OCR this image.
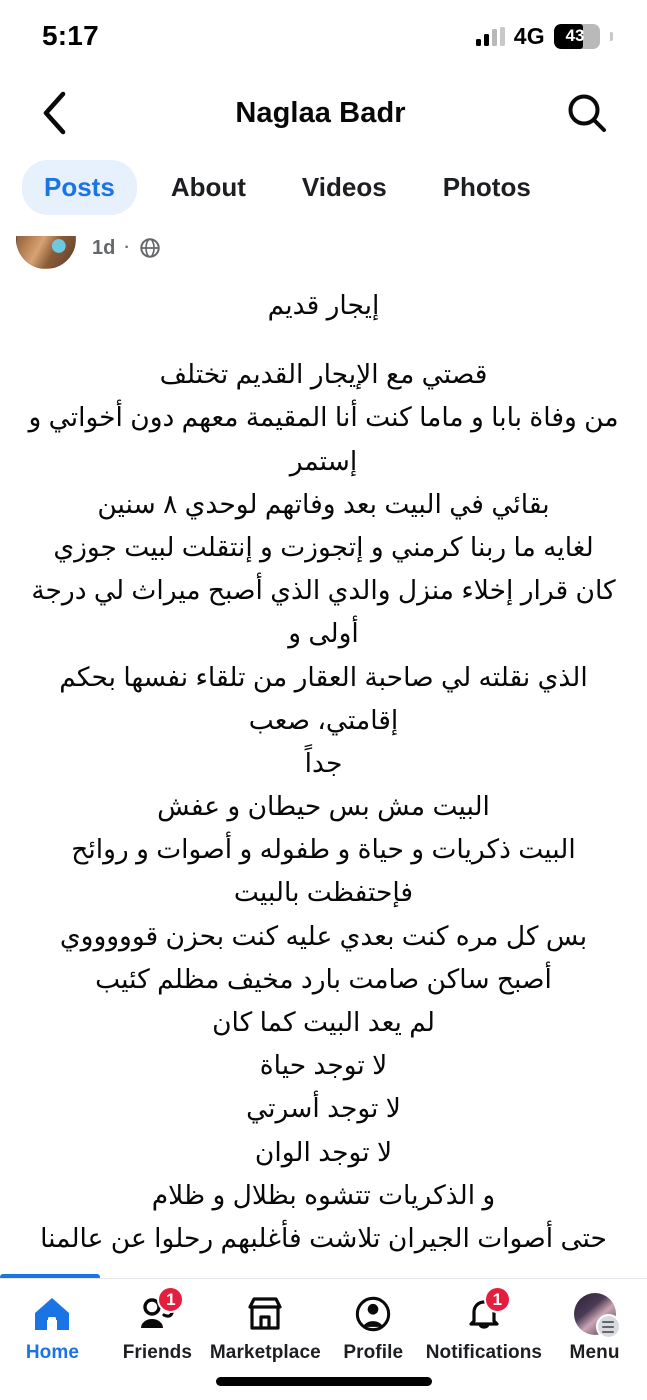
5:17	4G	43
Naglaa Badr
Posts	About	Videos	Photos
1d ·

إيجار قديم

قصتي مع الإيجار القديم تختلف

من وفاة بابا و ماما كنت أنا المقيمة معهم دون أخواتي و إستمر

بقائي في البيت بعد وفاتهم لوحدي ٨ سنين

لغايه ما ربنا كرمني و إتجوزت و إنتقلت لبيت جوزي

كان قرار إخلاء منزل والدي الذي أصبح ميراث لي درجة أولى و

الذي نقلته لي صاحبة العقار من تلقاء نفسها بحكم إقامتي، صعب

جداً

البيت مش بس حيطان و عفش

البيت ذكريات و حياة و طفوله و أصوات و روائح

فإحتفظت بالبيت

بس كل مره كنت بعدي عليه كنت بحزن قوووووي

أصبح ساكن صامت بارد مخيف مظلم كئيب

لم يعد البيت كما كان

لا توجد حياة

لا توجد أسرتي

لا توجد الوان

و الذكريات تتشوه بظلال و ظلام

حتى أصوات الجيران تلاشت فأغلبهم رحلوا عن عالمنا

Home
1
Friends Marketplace Profile
1
Notifications Menu
